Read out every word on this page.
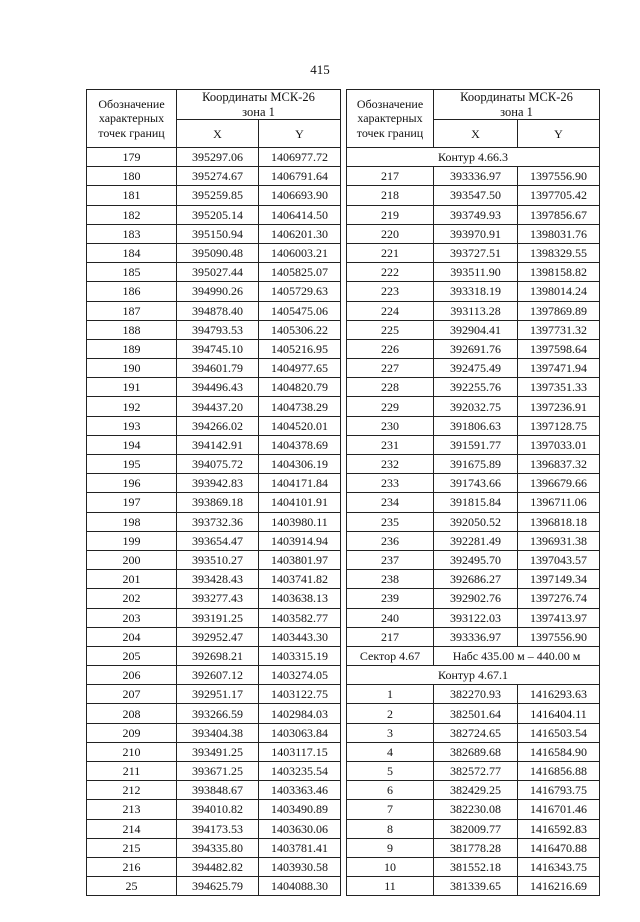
415
Обозначение
характерных
точек границ	Координаты МСК-26
зона 1	
	X	Y
179	395297.06	1406977.72
180	395274.67	1406791.64
181	395259.85	1406693.90
182	395205.14	1406414.50
183	395150.94	1406201.30
184	395090.48	1406003.21
185	395027.44	1405825.07
186	394990.26	1405729.63
187	394878.40	1405475.06
188	394793.53	1405306.22
189	394745.10	1405216.95
190	394601.79	1404977.65
191	394496.43	1404820.79
192	394437.20	1404738.29
193	394266.02	1404520.01
194	394142.91	1404378.69
195	394075.72	1404306.19
196	393942.83	1404171.84
197	393869.18	1404101.91
198	393732.36	1403980.11
199	393654.47	1403914.94
200	393510.27	1403801.97
201	393428.43	1403741.82
202	393277.43	1403638.13
203	393191.25	1403582.77
204	392952.47	1403443.30
205	392698.21	1403315.19
206	392607.12	1403274.05
207	392951.17	1403122.75
208	393266.59	1402984.03
209	393404.38	1403063.84
210	393491.25	1403117.15
211	393671.25	1403235.54
212	393848.67	1403363.46
213	394010.82	1403490.89
214	394173.53	1403630.06
215	394335.80	1403781.41
216	394482.82	1403930.58
25	394625.79	1404088.30
Обозначение
характерных
точек границ	Координаты МСК-26
зона 1	
	X	Y
Контур 4.66.3		
217	393336.97	1397556.90
218	393547.50	1397705.42
219	393749.93	1397856.67
220	393970.91	1398031.76
221	393727.51	1398329.55
222	393511.90	1398158.82
223	393318.19	1398014.24
224	393113.28	1397869.89
225	392904.41	1397731.32
226	392691.76	1397598.64
227	392475.49	1397471.94
228	392255.76	1397351.33
229	392032.75	1397236.91
230	391806.63	1397128.75
231	391591.77	1397033.01
232	391675.89	1396837.32
233	391743.66	1396679.66
234	391815.84	1396711.06
235	392050.52	1396818.18
236	392281.49	1396931.38
237	392495.70	1397043.57
238	392686.27	1397149.34
239	392902.76	1397276.74
240	393122.03	1397413.97
217	393336.97	1397556.90
Сектор 4.67	Набс 435.00 м – 440.00 м	
Контур 4.67.1		
1	382270.93	1416293.63
2	382501.64	1416404.11
3	382724.65	1416503.54
4	382689.68	1416584.90
5	382572.77	1416856.88
6	382429.25	1416793.75
7	382230.08	1416701.46
8	382009.77	1416592.83
9	381778.28	1416470.88
10	381552.18	1416343.75
11	381339.65	1416216.69
